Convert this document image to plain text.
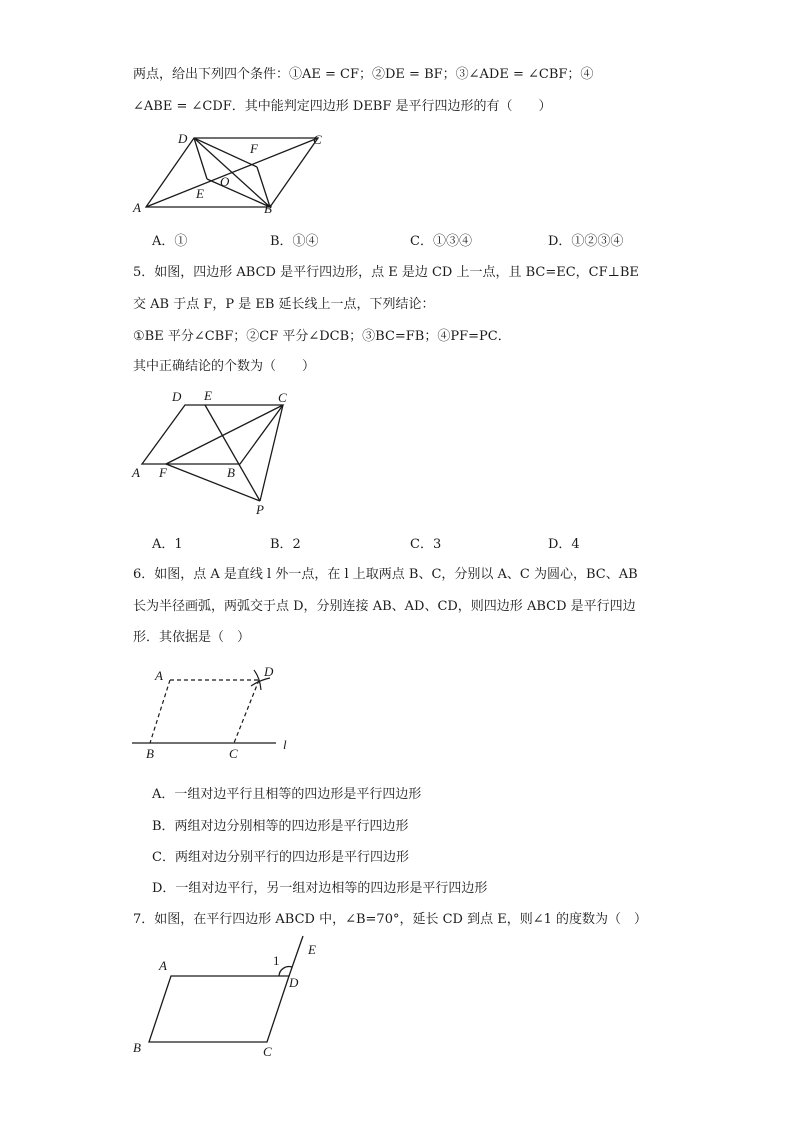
两点，给出下列四个条件：①AE = CF；②DE = BF；③∠ADE = ∠CBF；④
∠ABE = ∠CDF．其中能判定四边形 DEBF 是平行四边形的有（　　）
D	C
A	B
E
F
O
A．①	B．①④	C．①③④	D．①②③④
5．如图，四边形 ABCD 是平行四边形，点 E 是边 CD 上一点，且 BC=EC，CF⊥BE
交 AB 于点 F，P 是 EB 延长线上一点，下列结论：
①BE 平分∠CBF；②CF 平分∠DCB；③BC=FB；④PF=PC．
其中正确结论的个数为（　　）
D E	C
A F	B
P
A．1	B．2	C．3	D．4
6．如图，点 A 是直线 l 外一点，在 l 上取两点 B、C，分别以 A、C 为圆心，BC、AB
长为半径画弧，两弧交于点 D，分别连接 AB、AD、CD，则四边形 ABCD 是平行四边
形．其依据是（　）
A	D
B	C
l
A．一组对边平行且相等的四边形是平行四边形
B．两组对边分别相等的四边形是平行四边形
C．两组对边分别平行的四边形是平行四边形
D．一组对边平行，另一组对边相等的四边形是平行四边形
7．如图，在平行四边形 ABCD 中，∠B=70°，延长 CD 到点 E，则∠1 的度数为（　）
A
D
E
1
B	C
